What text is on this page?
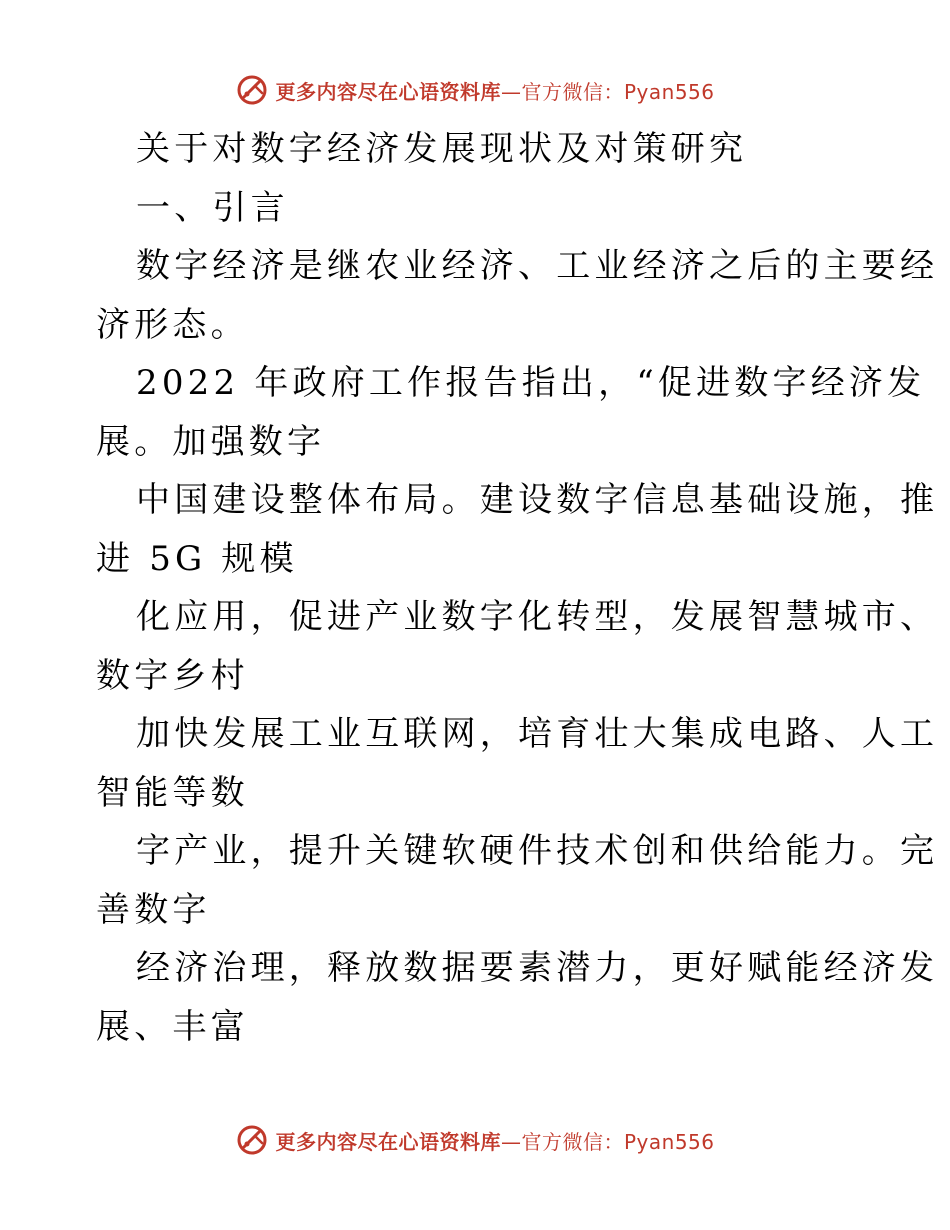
更多内容尽在心语资料库—官方微信：Pyan556
关于对数字经济发展现状及对策研究
一、引言
数字经济是继农业经济、工业经济之后的主要经
济形态。
2022 年政府工作报告指出，“促进数字经济发
展。加强数字
中国建设整体布局。建设数字信息基础设施，推
进 5G 规模
化应用，促进产业数字化转型，发展智慧城市、
数字乡村
加快发展工业互联网，培育壮大集成电路、人工
智能等数
字产业，提升关键软硬件技术创和供给能力。完
善数字
经济治理，释放数据要素潜力，更好赋能经济发
展、丰富
更多内容尽在心语资料库—官方微信：Pyan556
